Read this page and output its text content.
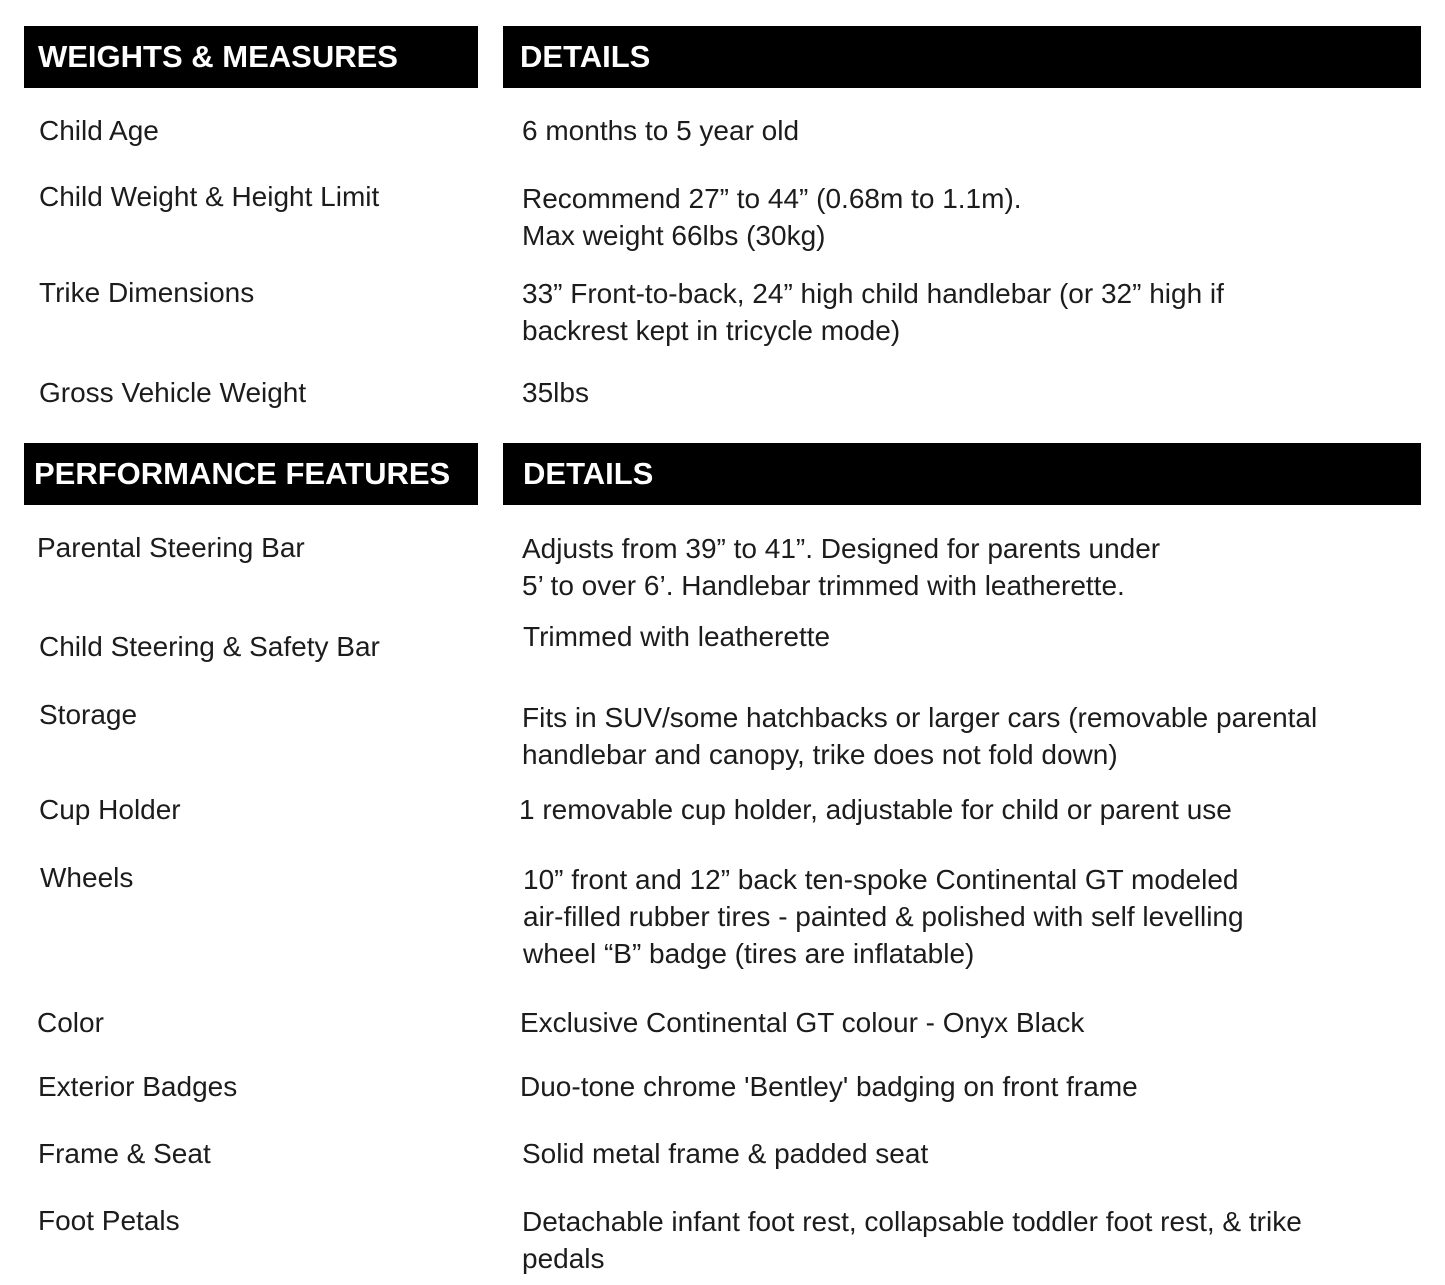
WEIGHTS & MEASURES	DETAILS
Child Age	6 months to 5 year old
Child Weight & Height Limit	Recommend 27” to 44” (0.68m to 1.1m).
Max weight 66lbs (30kg)
Trike Dimensions	33” Front-to-back, 24” high child handlebar (or 32” high if
backrest kept in tricycle mode)
Gross Vehicle Weight	35lbs
PERFORMANCE FEATURES	DETAILS
Parental Steering Bar	Adjusts from 39” to 41”. Designed for parents under
5’ to over 6’. Handlebar trimmed with leatherette.
Child Steering & Safety Bar	Trimmed with leatherette
Storage	Fits in SUV/some hatchbacks or larger cars (removable parental
handlebar and canopy, trike does not fold down)
Cup Holder	1 removable cup holder, adjustable for child or parent use
Wheels	10” front and 12” back ten-spoke Continental GT modeled
air-filled rubber tires - painted & polished with self levelling
wheel “B” badge (tires are inflatable)
Color	Exclusive Continental GT colour - Onyx Black
Exterior Badges	Duo-tone chrome 'Bentley' badging on front frame
Frame & Seat	Solid metal frame & padded seat
Foot Petals	Detachable infant foot rest, collapsable toddler foot rest, & trike
pedals
